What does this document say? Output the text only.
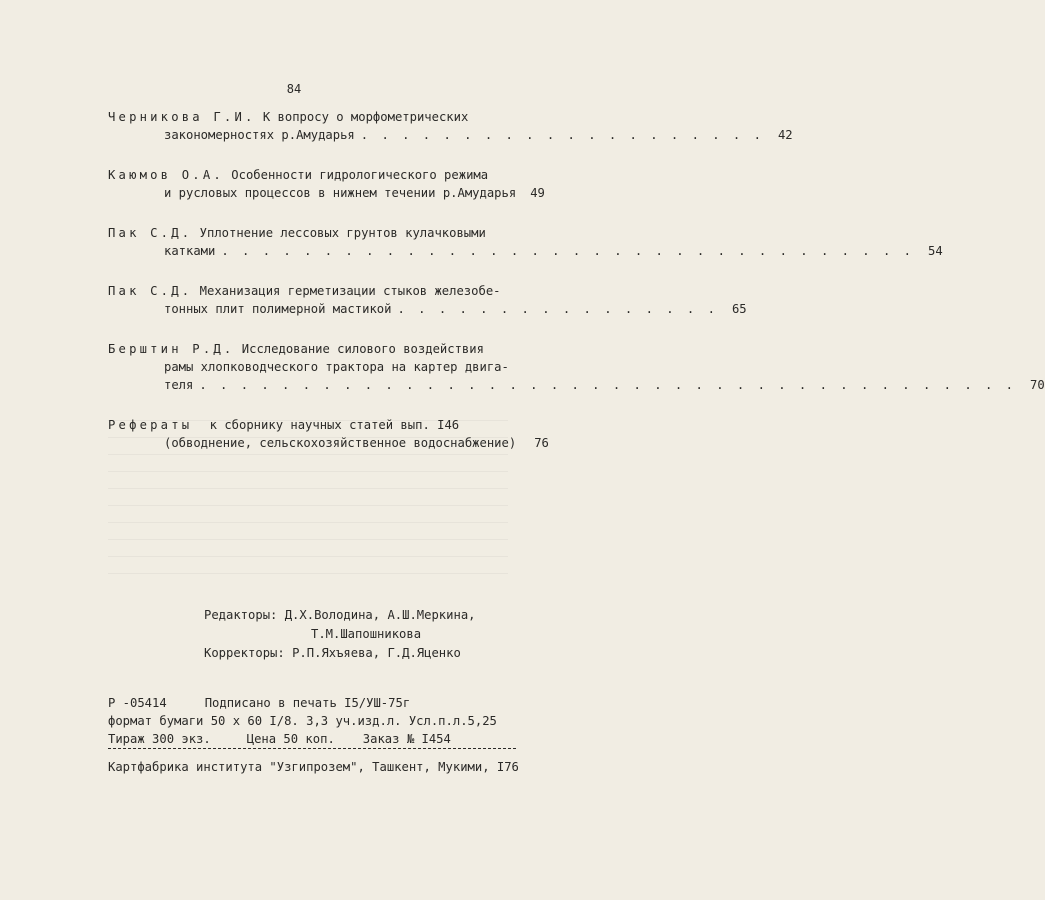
84
Черникова Г.И. К вопросу о морфометрических
закономерностях р.Амударья . . . . . . . . . . . . . . . . . . . . 42
Каюмов О.А. Особенности гидрологического режима
и русловых процессов в нижнем течении р.Амударья 49
Пак С.Д. Уплотнение лессовых грунтов кулачковыми
катками . . . . . . . . . . . . . . . . . . . . . . . . . . . . . . . . . . 54
Пак С.Д. Механизация герметизации стыков железобе-
тонных плит полимерной мастикой . . . . . . . . . . . . . . . . 65
Берштин Р.Д. Исследование силового воздействия
рамы хлопководческого трактора на картер двига-
теля . . . . . . . . . . . . . . . . . . . . . . . . . . . . . . . . . . . . . . . . 70
Рефераты к сборнику научных статей вып. I46
(обводнение, сельскохозяйственное водоснабжение) 76
Редакторы: Д.Х.Володина, А.Ш.Меркина,
Т.М.Шапошникова
Корректоры: Р.П.Яхъяева, Г.Д.Яценко
Р -05414	Подписано в печать I5/УШ-75г
формат бумаги 50 х 60 I/8. 3,3 уч.изд.л. Усл.п.л.5,25
Тираж 300 экз.	Цена 50 коп. Заказ № I454
Картфабрика института "Узгипрозем", Ташкент, Мукими, I76
